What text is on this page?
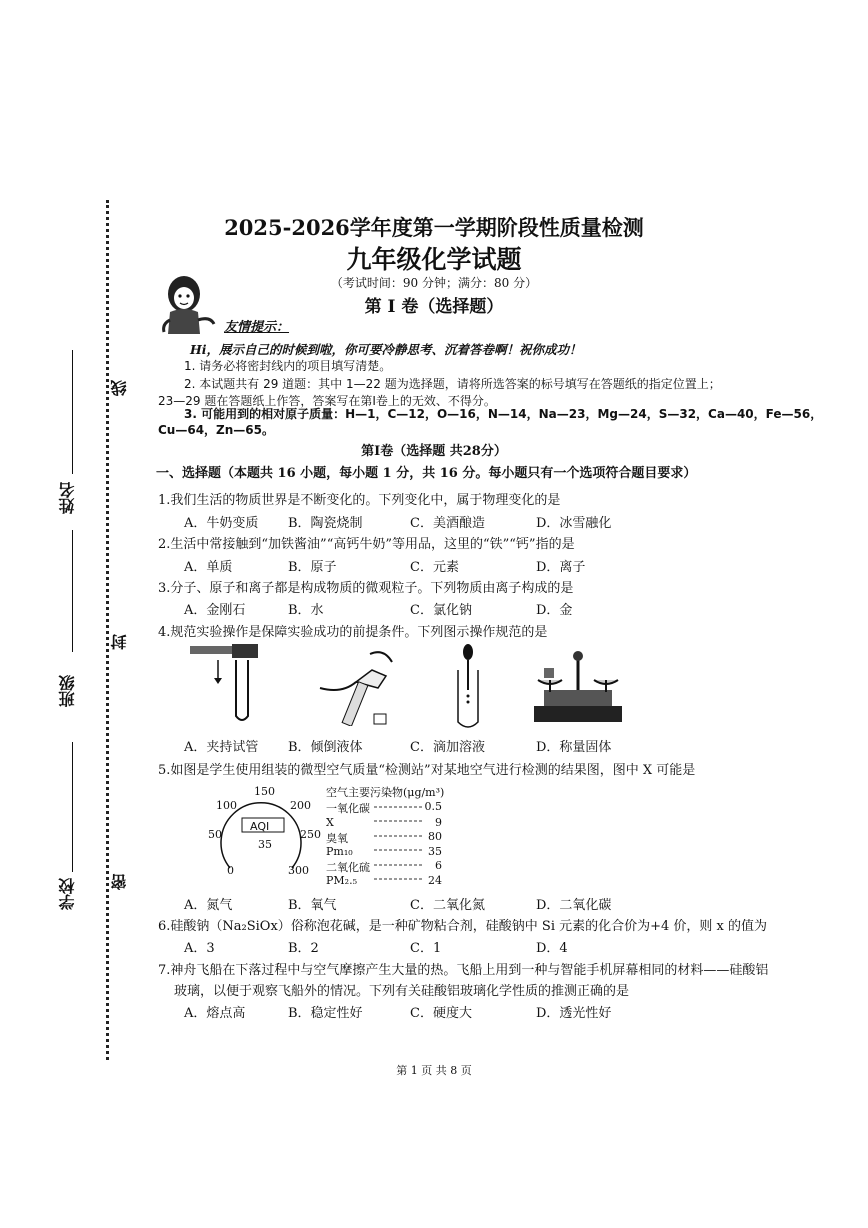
线
封
密
姓名
班级
学校
2025-2026学年度第一学期阶段性质量检测
九年级化学试题
（考试时间：90 分钟；满分：80 分）
第 Ⅰ 卷（选择题）
友情提示：
Hi，展示自己的时候到啦，你可要冷静思考、沉着答卷啊！祝你成功！
1. 请务必将密封线内的项目填写清楚。
2. 本试题共有 29 道题：其中 1—22 题为选择题，请将所选答案的标号填写在答题纸的指定位置上；
23—29 题在答题纸上作答，答案写在第Ⅰ卷上的无效、不得分。
3. 可能用到的相对原子质量：H—1，C—12，O—16，N—14，Na—23，Mg—24，S—32，Ca—40，Fe—56，
Cu—64，Zn—65。
第Ⅰ卷（选择题 共28分）
一、选择题（本题共 16 小题，每小题 1 分，共 16 分。每小题只有一个选项符合题目要求）
1.我们生活的物质世界是不断变化的。下列变化中，属于物理变化的是
A．牛奶变质 B．陶瓷烧制	C．美酒酿造	D．冰雪融化
2.生活中常接触到“加铁酱油”“高钙牛奶”等用品，这里的“铁”“钙”指的是
A．单质	B．原子	C．元素	D．离子
3.分子、原子和离子都是构成物质的微观粒子。下列物质由离子构成的是
A．金刚石	B．水	C．氯化钠	D．金
4.规范实验操作是保障实验成功的前提条件。下列图示操作规范的是
A．夹持试管 B．倾倒液体	C．滴加溶液	D．称量固体
5.如图是学生使用组装的微型空气质量“检测站”对某地空气进行检测的结果图，图中 X 可能是
0
50
100
150
200
250
300
AQI
35
空气主要污染物(μg/m³)
一氧化碳	0.5
X	9
臭氧	80
Pm₁₀	35
二氧化硫	6
PM₂.₅	24
A．氮气	B．氧气	C．二氧化氮	D．二氧化碳
6.硅酸钠（Na₂SiOx）俗称泡花碱，是一种矿物粘合剂，硅酸钠中 Si 元素的化合价为+4 价，则 x 的值为
A．3	B．2	C．1	D．4
7.神舟飞船在下落过程中与空气摩擦产生大量的热。飞船上用到一种与智能手机屏幕相同的材料——硅酸铝
玻璃，以便于观察飞船外的情况。下列有关硅酸铝玻璃化学性质的推测正确的是
A．熔点高	B．稳定性好	C．硬度大	D．透光性好
第 1 页 共 8 页
